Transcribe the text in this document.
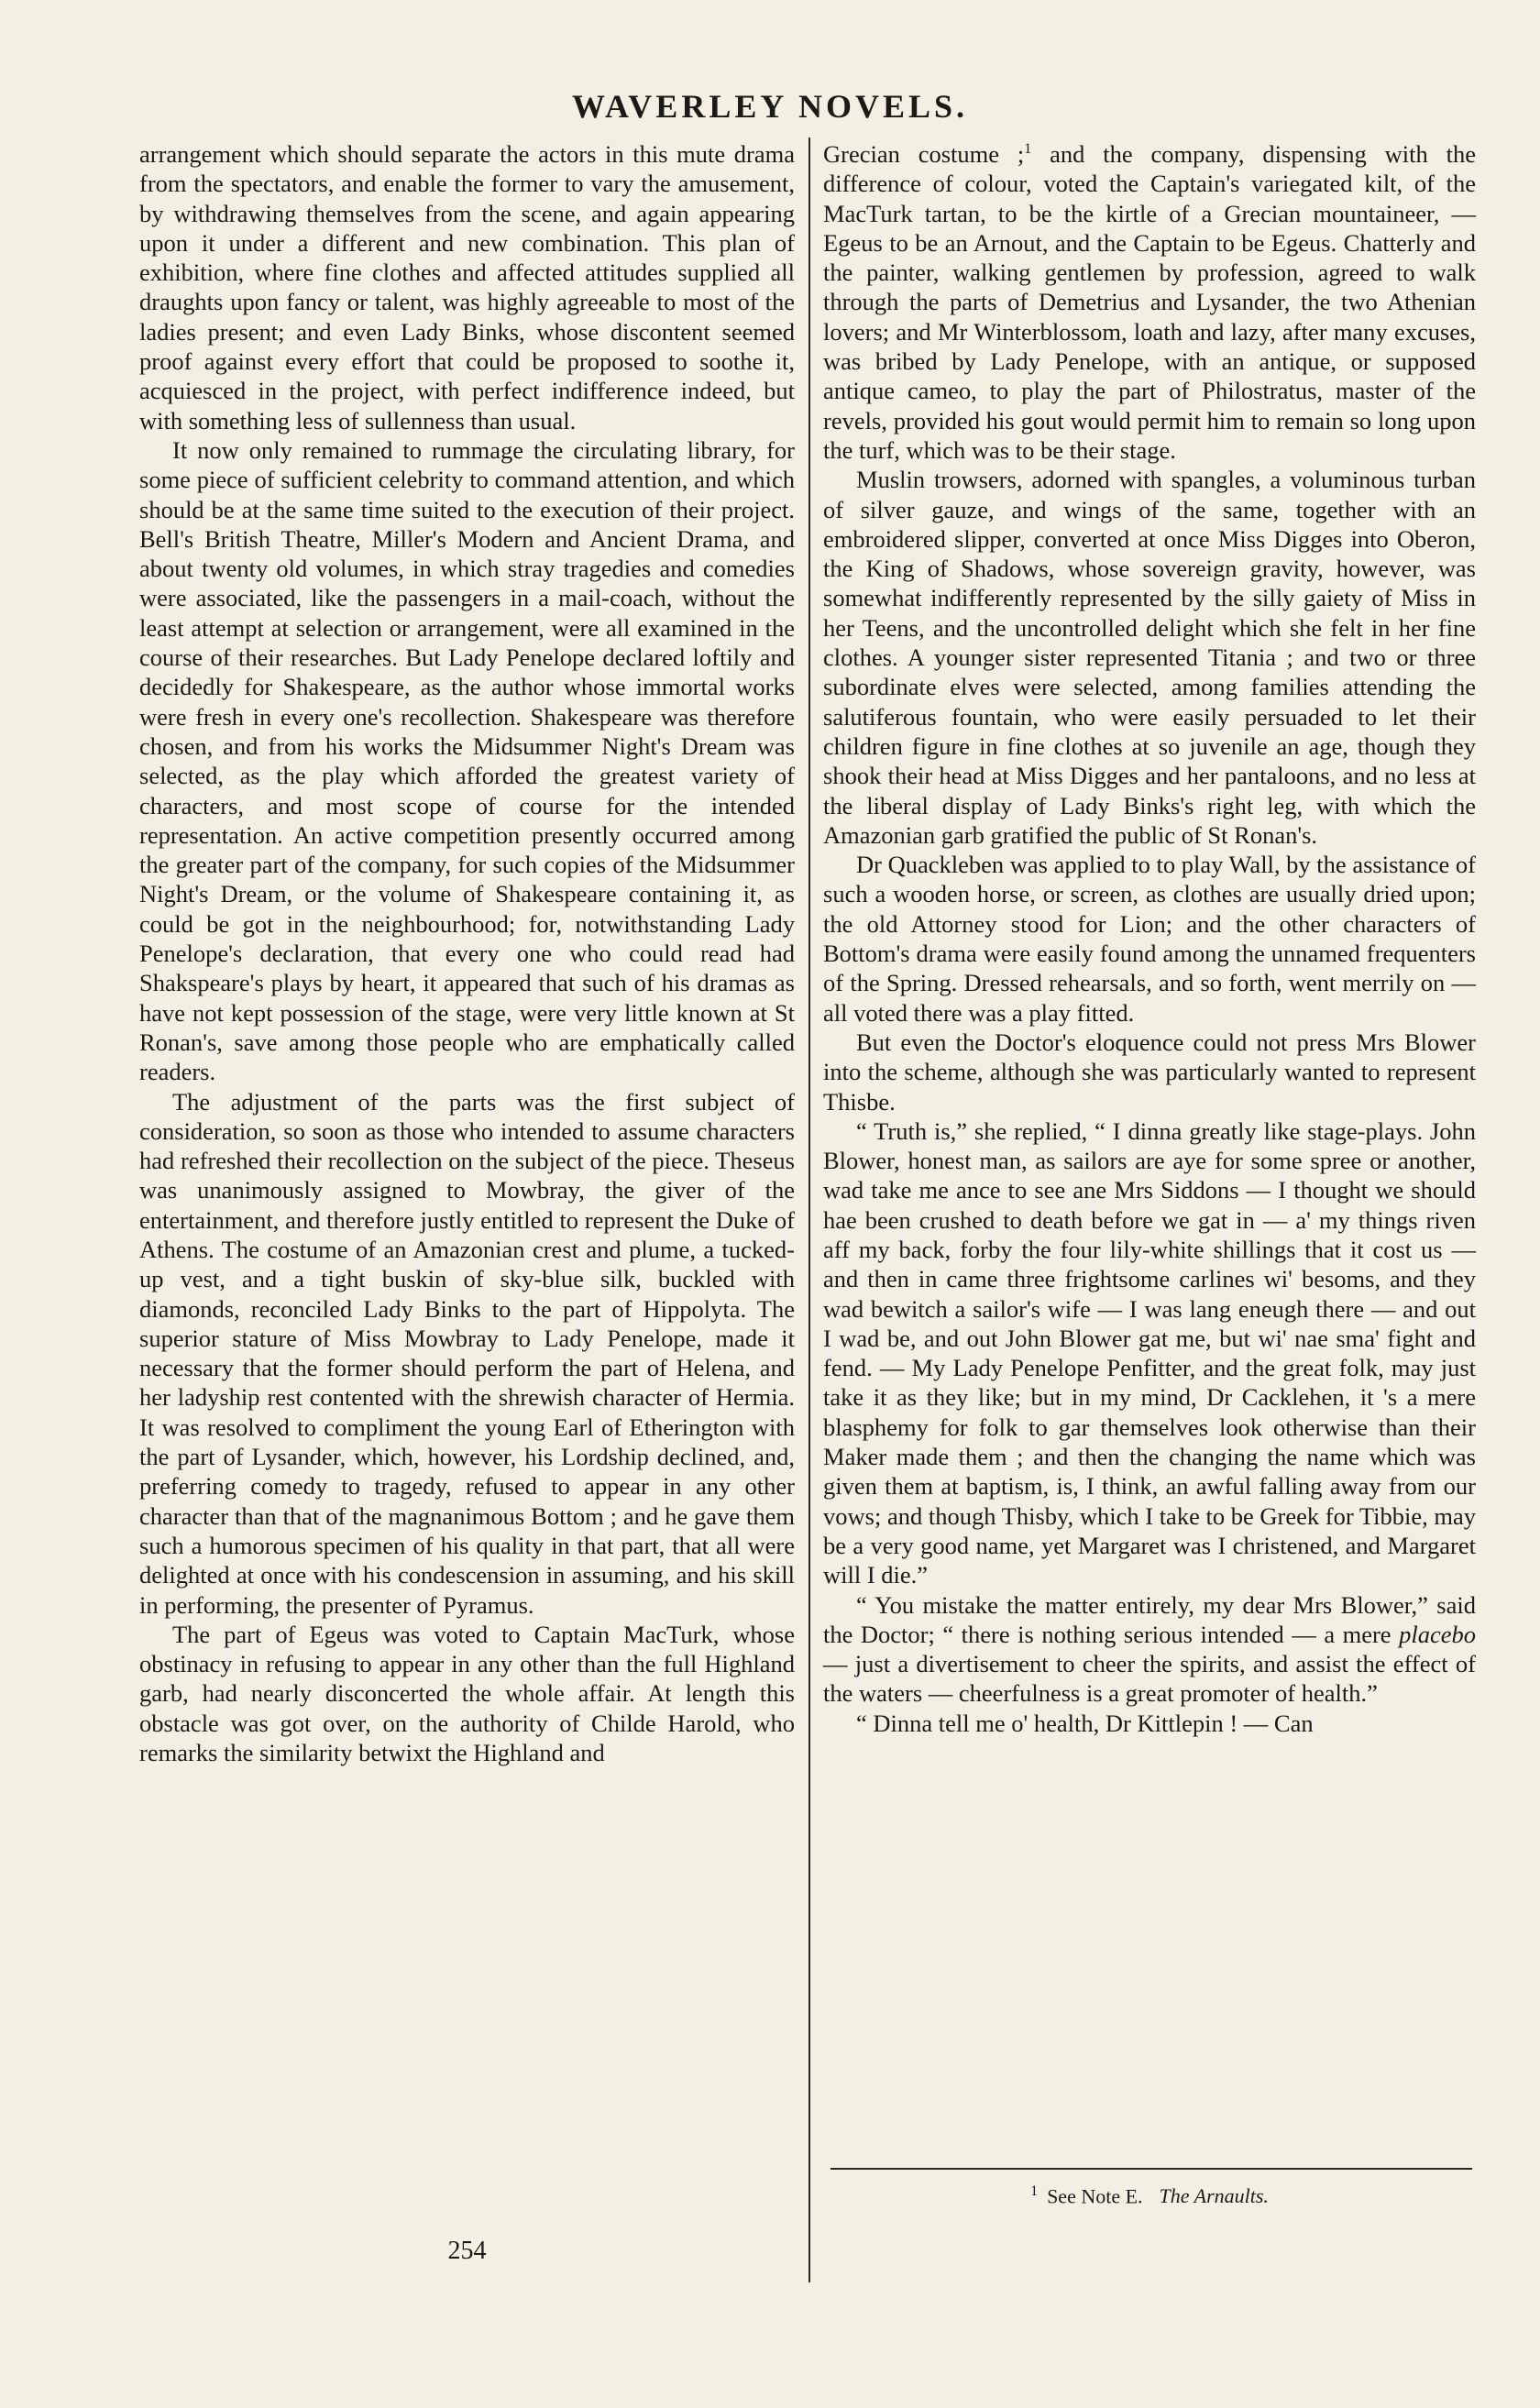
WAVERLEY NOVELS.

arrangement which should separate the actors in this mute drama from the spectators, and enable the former to vary the amusement, by withdrawing themselves from the scene, and again appearing upon it under a different and new combination. This plan of exhibition, where fine clothes and affected attitudes supplied all draughts upon fancy or talent, was highly agreeable to most of the ladies present; and even Lady Binks, whose discontent seemed proof against every effort that could be proposed to soothe it, acquiesced in the project, with perfect indifference indeed, but with something less of sullenness than usual.

It now only remained to rummage the circulating library, for some piece of sufficient celebrity to command attention, and which should be at the same time suited to the execution of their project. Bell's British Theatre, Miller's Modern and Ancient Drama, and about twenty old volumes, in which stray tragedies and comedies were associated, like the passengers in a mail-coach, without the least attempt at selection or arrangement, were all examined in the course of their researches. But Lady Penelope declared loftily and decidedly for Shakespeare, as the author whose immortal works were fresh in every one's recollection. Shakespeare was therefore chosen, and from his works the Midsummer Night's Dream was selected, as the play which afforded the greatest variety of characters, and most scope of course for the intended representation. An active competition presently occurred among the greater part of the company, for such copies of the Midsummer Night's Dream, or the volume of Shakespeare containing it, as could be got in the neighbourhood; for, notwithstanding Lady Penelope's declaration, that every one who could read had Shakspeare's plays by heart, it appeared that such of his dramas as have not kept possession of the stage, were very little known at St Ronan's, save among those people who are emphatically called readers.

The adjustment of the parts was the first subject of consideration, so soon as those who intended to assume characters had refreshed their recollection on the subject of the piece. Theseus was unanimously assigned to Mowbray, the giver of the entertainment, and therefore justly entitled to represent the Duke of Athens. The costume of an Amazonian crest and plume, a tucked-up vest, and a tight buskin of sky-blue silk, buckled with diamonds, reconciled Lady Binks to the part of Hippolyta. The superior stature of Miss Mowbray to Lady Penelope, made it necessary that the former should perform the part of Helena, and her ladyship rest contented with the shrewish character of Hermia. It was resolved to compliment the young Earl of Etherington with the part of Lysander, which, however, his Lordship declined, and, preferring comedy to tragedy, refused to appear in any other character than that of the magnanimous Bottom ; and he gave them such a humorous specimen of his quality in that part, that all were delighted at once with his condescension in assuming, and his skill in performing, the presenter of Pyramus.

The part of Egeus was voted to Captain MacTurk, whose obstinacy in refusing to appear in any other than the full Highland garb, had nearly disconcerted the whole affair. At length this obstacle was got over, on the authority of Childe Harold, who remarks the similarity betwixt the Highland and

Grecian costume ;$^1$ and the company, dispensing with the difference of colour, voted the Captain's variegated kilt, of the MacTurk tartan, to be the kirtle of a Grecian mountaineer, — Egeus to be an Arnout, and the Captain to be Egeus. Chatterly and the painter, walking gentlemen by profession, agreed to walk through the parts of Demetrius and Lysander, the two Athenian lovers; and Mr Winterblossom, loath and lazy, after many excuses, was bribed by Lady Penelope, with an antique, or supposed antique cameo, to play the part of Philostratus, master of the revels, provided his gout would permit him to remain so long upon the turf, which was to be their stage.

Muslin trowsers, adorned with spangles, a voluminous turban of silver gauze, and wings of the same, together with an embroidered slipper, converted at once Miss Digges into Oberon, the King of Shadows, whose sovereign gravity, however, was somewhat indifferently represented by the silly gaiety of Miss in her Teens, and the uncontrolled delight which she felt in her fine clothes. A younger sister represented Titania ; and two or three subordinate elves were selected, among families attending the salutiferous fountain, who were easily persuaded to let their children figure in fine clothes at so juvenile an age, though they shook their head at Miss Digges and her pantaloons, and no less at the liberal display of Lady Binks's right leg, with which the Amazonian garb gratified the public of St Ronan's.

Dr Quackleben was applied to to play Wall, by the assistance of such a wooden horse, or screen, as clothes are usually dried upon; the old Attorney stood for Lion; and the other characters of Bottom's drama were easily found among the unnamed frequenters of the Spring. Dressed rehearsals, and so forth, went merrily on — all voted there was a play fitted.

But even the Doctor's eloquence could not press Mrs Blower into the scheme, although she was particularly wanted to represent Thisbe.

“ Truth is,” she replied, “ I dinna greatly like stage-plays. John Blower, honest man, as sailors are aye for some spree or another, wad take me ance to see ane Mrs Siddons — I thought we should hae been crushed to death before we gat in — a' my things riven aff my back, forby the four lily-white shillings that it cost us — and then in came three frightsome carlines wi' besoms, and they wad bewitch a sailor's wife — I was lang eneugh there — and out I wad be, and out John Blower gat me, but wi' nae sma' fight and fend. — My Lady Penelope Penfitter, and the great folk, may just take it as they like; but in my mind, Dr Cacklehen, it 's a mere blasphemy for folk to gar themselves look otherwise than their Maker made them ; and then the changing the name which was given them at baptism, is, I think, an awful falling away from our vows; and though Thisby, which I take to be Greek for Tibbie, may be a very good name, yet Margaret was I christened, and Margaret will I die.”

“ You mistake the matter entirely, my dear Mrs Blower,” said the Doctor; “ there is nothing serious intended — a mere placebo — just a divertisement to cheer the spirits, and assist the effect of the waters — cheerfulness is a great promoter of health.”

“ Dinna tell me o' health, Dr Kittlepin ! — Can

254
$^1$ See Note E. The Arnaults.
